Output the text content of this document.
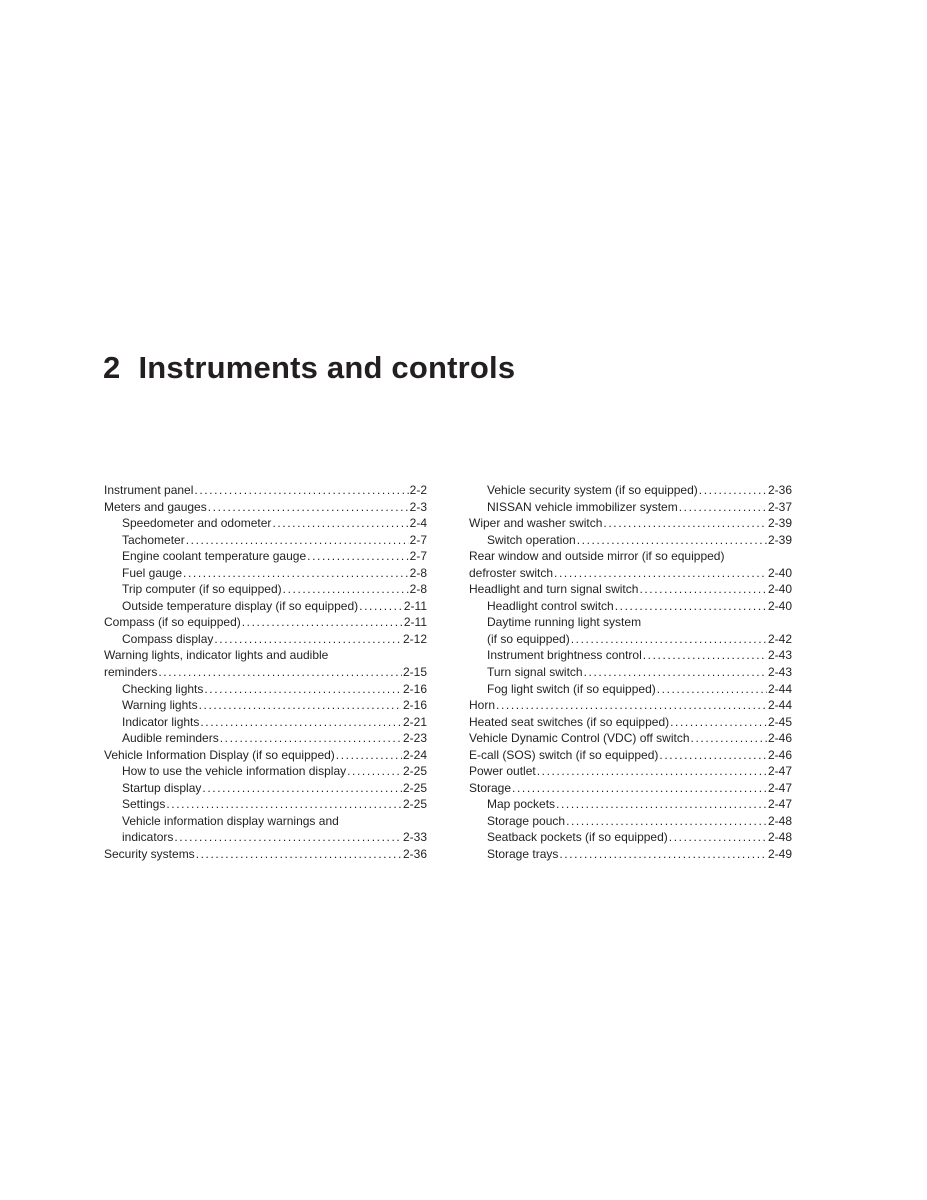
2 Instruments and controls
Instrument panel .....	2-2
Meters and gauges .....	2-3
Speedometer and odometer .....	2-4
Tachometer .....	2-7
Engine coolant temperature gauge .....	2-7
Fuel gauge .....	2-8
Trip computer (if so equipped) .....	2-8
Outside temperature display (if so equipped) .....	2-11
Compass (if so equipped) .....	2-11
Compass display .....	2-12
Warning lights, indicator lights and audible
reminders .....	2-15
Checking lights .....	2-16
Warning lights .....	2-16
Indicator lights .....	2-21
Audible reminders .....	2-23
Vehicle Information Display (if so equipped) .....	2-24
How to use the vehicle information display .....	2-25
Startup display .....	2-25
Settings .....	2-25
Vehicle information display warnings and
indicators .....	2-33
Security systems .....	2-36
Vehicle security system (if so equipped) .....	2-36
NISSAN vehicle immobilizer system .....	2-37
Wiper and washer switch .....	2-39
Switch operation .....	2-39
Rear window and outside mirror (if so equipped)
defroster switch .....	2-40
Headlight and turn signal switch .....	2-40
Headlight control switch .....	2-40
Daytime running light system
(if so equipped) .....	2-42
Instrument brightness control .....	2-43
Turn signal switch .....	2-43
Fog light switch (if so equipped) .....	2-44
Horn .....	2-44
Heated seat switches (if so equipped) .....	2-45
Vehicle Dynamic Control (VDC) off switch .....	2-46
E-call (SOS) switch (if so equipped) .....	2-46
Power outlet .....	2-47
Storage .....	2-47
Map pockets .....	2-47
Storage pouch .....	2-48
Seatback pockets (if so equipped) .....	2-48
Storage trays .....	2-49
